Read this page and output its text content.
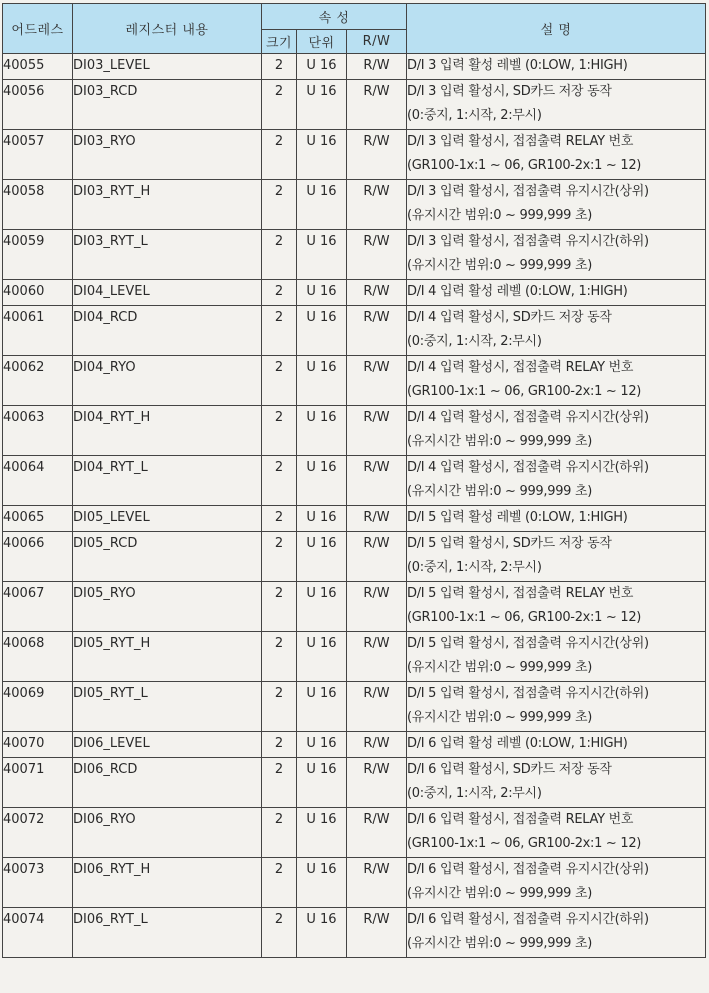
어드레스	레지스터 내용	속 성			설 명
		크기	단위	R/W	

40055	DI03_LEVEL	2	U 16	R/W	D/I 3 입력 활성 레벨 (0:LOW, 1:HIGH)

40056	DI03_RCD	2	U 16	R/W	D/I 3 입력 활성시, SD카드 저장 동작
(0:중지, 1:시작, 2:무시)

40057	DI03_RYO	2	U 16	R/W	D/I 3 입력 활성시, 접점출력 RELAY 번호
(GR100-1x:1 ~ 06, GR100-2x:1 ~ 12)

40058	DI03_RYT_H	2	U 16	R/W	D/I 3 입력 활성시, 접점출력 유지시간(상위)
(유지시간 범위:0 ~ 999,999 초)

40059	DI03_RYT_L	2	U 16	R/W	D/I 3 입력 활성시, 접점출력 유지시간(하위)
(유지시간 범위:0 ~ 999,999 초)

40060	DI04_LEVEL	2	U 16	R/W	D/I 4 입력 활성 레벨 (0:LOW, 1:HIGH)

40061	DI04_RCD	2	U 16	R/W	D/I 4 입력 활성시, SD카드 저장 동작
(0:중지, 1:시작, 2:무시)

40062	DI04_RYO	2	U 16	R/W	D/I 4 입력 활성시, 접점출력 RELAY 번호
(GR100-1x:1 ~ 06, GR100-2x:1 ~ 12)

40063	DI04_RYT_H	2	U 16	R/W	D/I 4 입력 활성시, 접점출력 유지시간(상위)
(유지시간 범위:0 ~ 999,999 초)

40064	DI04_RYT_L	2	U 16	R/W	D/I 4 입력 활성시, 접점출력 유지시간(하위)
(유지시간 범위:0 ~ 999,999 초)

40065	DI05_LEVEL	2	U 16	R/W	D/I 5 입력 활성 레벨 (0:LOW, 1:HIGH)

40066	DI05_RCD	2	U 16	R/W	D/I 5 입력 활성시, SD카드 저장 동작
(0:중지, 1:시작, 2:무시)

40067	DI05_RYO	2	U 16	R/W	D/I 5 입력 활성시, 접점출력 RELAY 번호
(GR100-1x:1 ~ 06, GR100-2x:1 ~ 12)

40068	DI05_RYT_H	2	U 16	R/W	D/I 5 입력 활성시, 접점출력 유지시간(상위)
(유지시간 범위:0 ~ 999,999 초)

40069	DI05_RYT_L	2	U 16	R/W	D/I 5 입력 활성시, 접점출력 유지시간(하위)
(유지시간 범위:0 ~ 999,999 초)

40070	DI06_LEVEL	2	U 16	R/W	D/I 6 입력 활성 레벨 (0:LOW, 1:HIGH)

40071	DI06_RCD	2	U 16	R/W	D/I 6 입력 활성시, SD카드 저장 동작
(0:중지, 1:시작, 2:무시)

40072	DI06_RYO	2	U 16	R/W	D/I 6 입력 활성시, 접점출력 RELAY 번호
(GR100-1x:1 ~ 06, GR100-2x:1 ~ 12)

40073	DI06_RYT_H	2	U 16	R/W	D/I 6 입력 활성시, 접점출력 유지시간(상위)
(유지시간 범위:0 ~ 999,999 초)

40074	DI06_RYT_L	2	U 16	R/W	D/I 6 입력 활성시, 접점출력 유지시간(하위)
(유지시간 범위:0 ~ 999,999 초)
